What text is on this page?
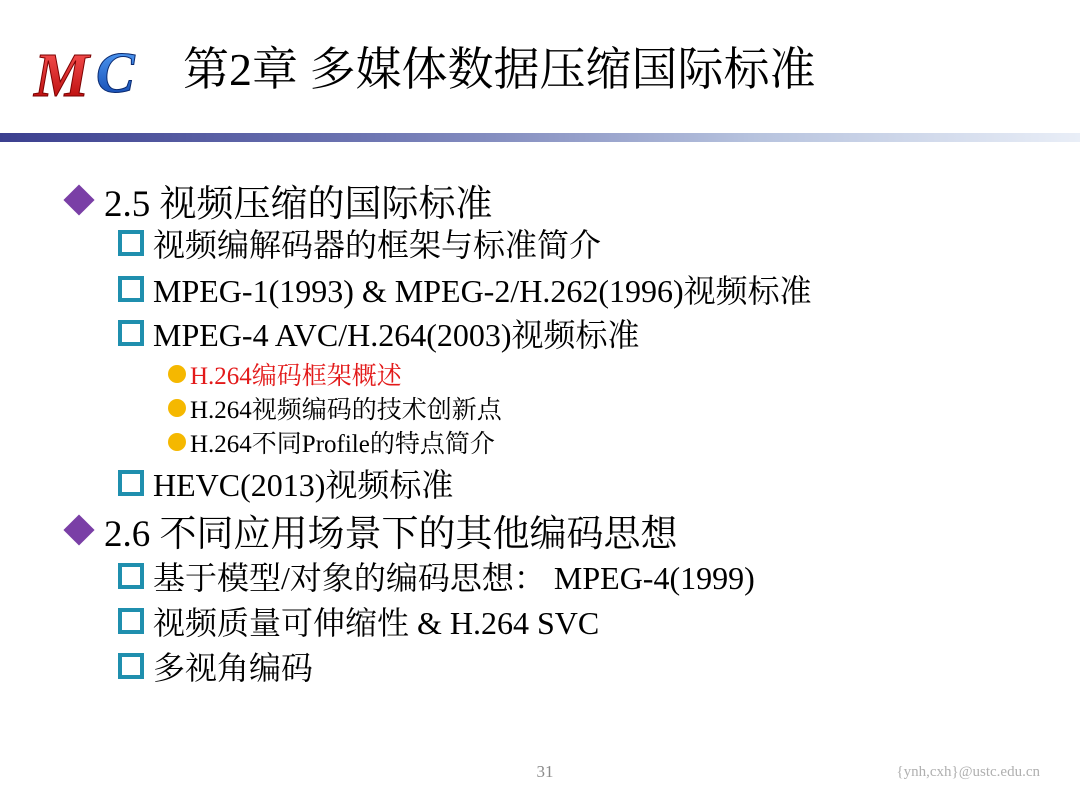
M C 第2章 多媒体数据压缩国际标准
2.5 视频压缩的国际标准
视频编解码器的框架与标准简介
MPEG-1(1993) & MPEG-2/H.262(1996)视频标准
MPEG-4 AVC/H.264(2003)视频标准
H.264编码框架概述
H.264视频编码的技术创新点
H.264不同Profile的特点简介
HEVC(2013)视频标准
2.6 不同应用场景下的其他编码思想
基于模型/对象的编码思想： MPEG-4(1999)
视频质量可伸缩性 & H.264 SVC
多视角编码
31	{ynh,cxh}@ustc.edu.cn
